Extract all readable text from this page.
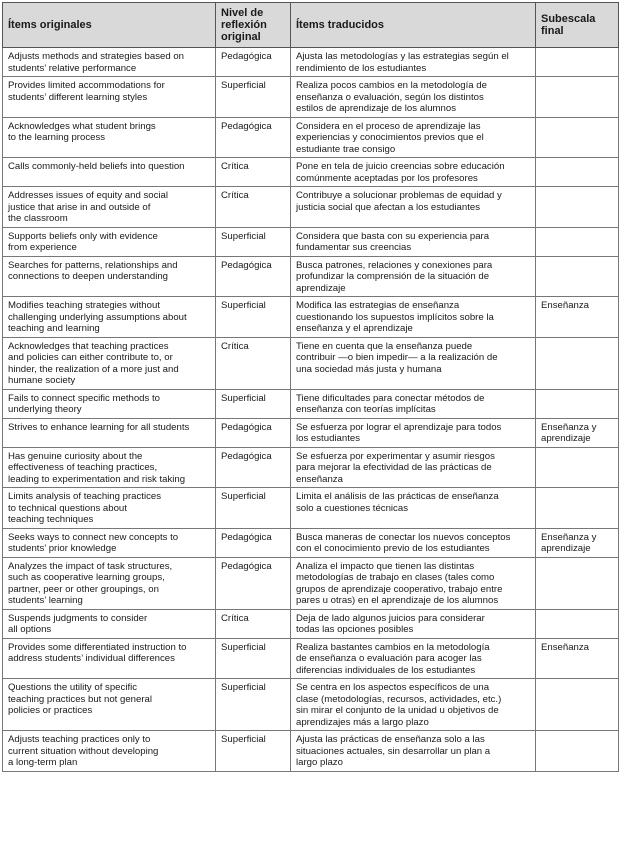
Ítems originales	Nivel de
reflexión
original	Ítems traducidos	Subescala
final
Adjusts methods and strategies based on
students’ relative performance	Pedagógica	Ajusta las metodologías y las estrategias según el
rendimiento de los estudiantes	
Provides limited accommodations for
students’ different learning styles	Superficial	Realiza pocos cambios en la metodología de
enseñanza o evaluación, según los distintos
estilos de aprendizaje de los alumnos	
Acknowledges what student brings
to the learning process	Pedagógica	Considera en el proceso de aprendizaje las
experiencias y conocimientos previos que el
estudiante trae consigo	
Calls commonly-held beliefs into question	Crítica	Pone en tela de juicio creencias sobre educación
comúnmente aceptadas por los profesores	
Addresses issues of equity and social
justice that arise in and outside of
the classroom	Crítica	Contribuye a solucionar problemas de equidad y
justicia social que afectan a los estudiantes	
Supports beliefs only with evidence
from experience	Superficial	Considera que basta con su experiencia para
fundamentar sus creencias	
Searches for patterns, relationships and
connections to deepen understanding	Pedagógica	Busca patrones, relaciones y conexiones para
profundizar la comprensión de la situación de
aprendizaje	
Modifies teaching strategies without
challenging underlying assumptions about
teaching and learning	Superficial	Modifica las estrategias de enseñanza
cuestionando los supuestos implícitos sobre la
enseñanza y el aprendizaje	Enseñanza
Acknowledges that teaching practices
and policies can either contribute to, or
hinder, the realization of a more just and
humane society	Crítica	Tiene en cuenta que la enseñanza puede
contribuir —o bien impedir— a la realización de
una sociedad más justa y humana	
Fails to connect specific methods to
underlying theory	Superficial	Tiene dificultades para conectar métodos de
enseñanza con teorías implícitas	
Strives to enhance learning for all students	Pedagógica	Se esfuerza por lograr el aprendizaje para todos
los estudiantes	Enseñanza y
aprendizaje
Has genuine curiosity about the
effectiveness of teaching practices,
leading to experimentation and risk taking	Pedagógica	Se esfuerza por experimentar y asumir riesgos
para mejorar la efectividad de las prácticas de
enseñanza	
Limits analysis of teaching practices
to technical questions about
teaching techniques	Superficial	Limita el análisis de las prácticas de enseñanza
solo a cuestiones técnicas	
Seeks ways to connect new concepts to
students’ prior knowledge	Pedagógica	Busca maneras de conectar los nuevos conceptos
con el conocimiento previo de los estudiantes	Enseñanza y
aprendizaje
Analyzes the impact of task structures,
such as cooperative learning groups,
partner, peer or other groupings, on
students’ learning	Pedagógica	Analiza el impacto que tienen las distintas
metodologías de trabajo en clases (tales como
grupos de aprendizaje cooperativo, trabajo entre
pares u otras) en el aprendizaje de los alumnos	
Suspends judgments to consider
all options	Crítica	Deja de lado algunos juicios para considerar
todas las opciones posibles	
Provides some differentiated instruction to
address students’ individual differences	Superficial	Realiza bastantes cambios en la metodología
de enseñanza o evaluación para acoger las
diferencias individuales de los estudiantes	Enseñanza
Questions the utility of specific
teaching practices but not general
policies or practices	Superficial	Se centra en los aspectos específicos de una
clase (metodologías, recursos, actividades, etc.)
sin mirar el conjunto de la unidad u objetivos de
aprendizajes más a largo plazo	
Adjusts teaching practices only to
current situation without developing
a long-term plan	Superficial	Ajusta las prácticas de enseñanza solo a las
situaciones actuales, sin desarrollar un plan a
largo plazo	
